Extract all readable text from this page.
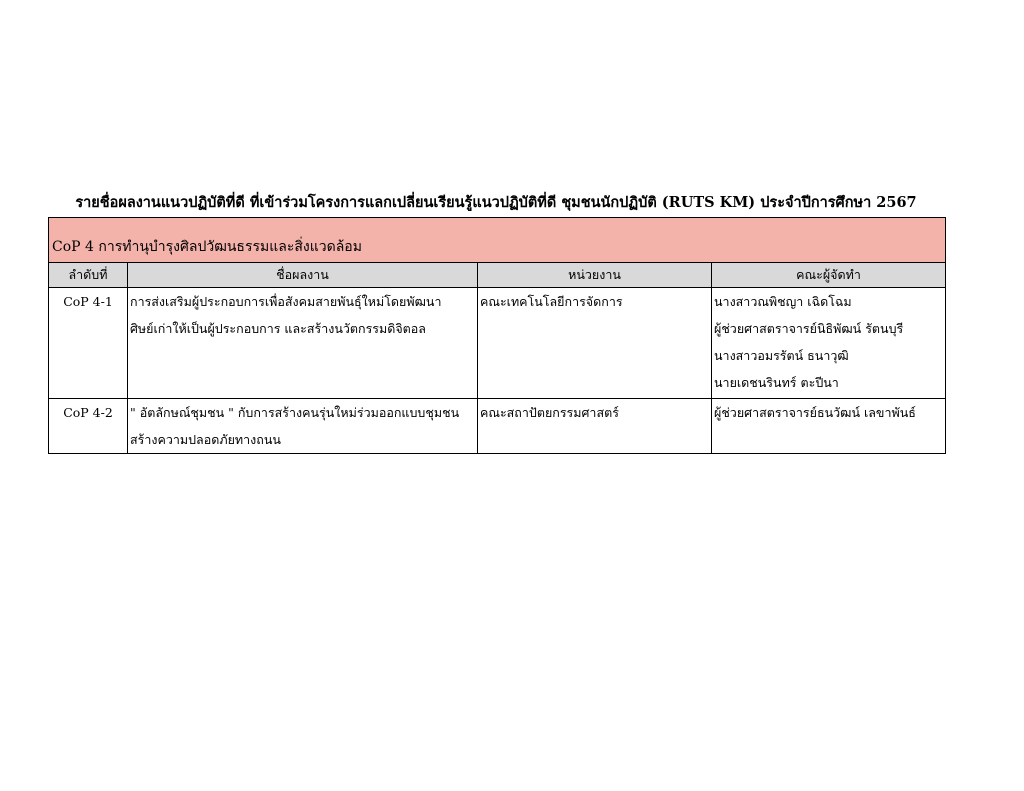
รายชื่อผลงานแนวปฏิบัติที่ดี ที่เข้าร่วมโครงการแลกเปลี่ยนเรียนรู้แนวปฏิบัติที่ดี ชุมชนนักปฏิบัติ (RUTS KM) ประจำปีการศึกษา 2567
CoP 4 การทำนุบำรุงศิลปวัฒนธรรมและสิ่งแวดล้อม			
ลำดับที่	ชื่อผลงาน	หน่วยงาน	คณะผู้จัดทำ

CoP 4-1	การส่งเสริมผู้ประกอบการเพื่อสังคมสายพันธุ์ใหม่โดยพัฒนา
ศิษย์เก่าให้เป็นผู้ประกอบการ และสร้างนวัตกรรมดิจิตอล	คณะเทคโนโลยีการจัดการ	นางสาวณพิชญา เฉิดโฉม
ผู้ช่วยศาสตราจารย์นิธิพัฒน์ รัตนบุรี
นางสาวอมรรัตน์ ธนาวุฒิ
นายเดชนรินทร์ ตะปีนา

CoP 4-2	" อัตลักษณ์ชุมชน " กับการสร้างคนรุ่นใหม่ร่วมออกแบบชุมชน
สร้างความปลอดภัยทางถนน	คณะสถาปัตยกรรมศาสตร์	ผู้ช่วยศาสตราจารย์ธนวัฒน์ เลขาพันธ์
